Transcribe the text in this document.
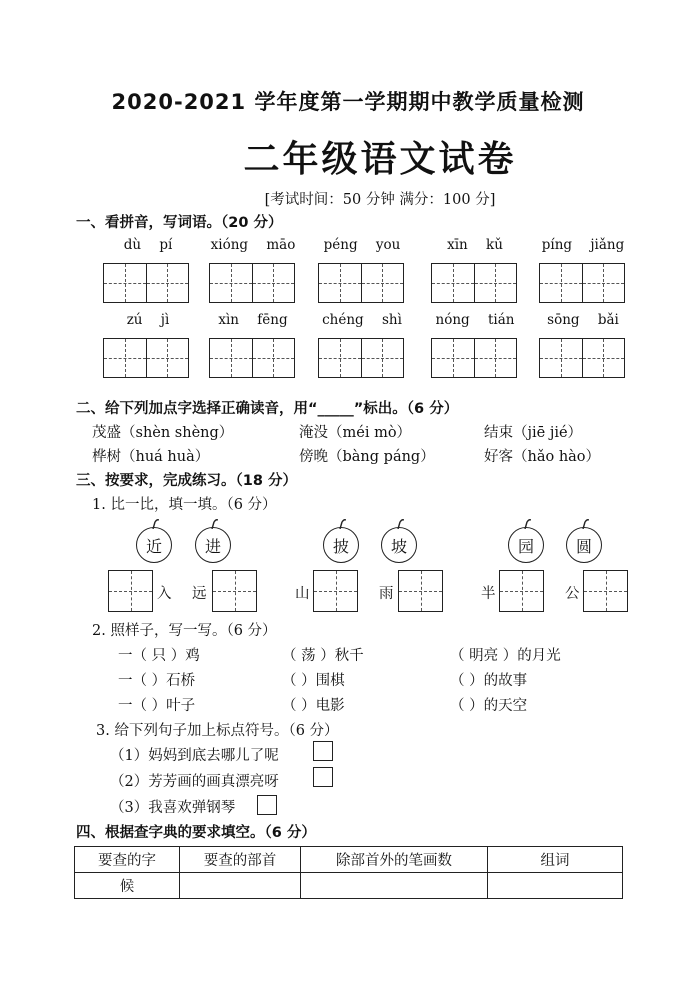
2020-2021 学年度第一学期期中教学质量检测
二年级语文试卷
[考试时间：50 分钟 满分：100 分]
一、看拼音，写词语。（20 分）
dù pí	xióng māo	péng you	xīn kǔ	píng jiǎng
zú jì	xìn fēng	chéng shì	nóng tián	sōng bǎi
二、给下列加点字选择正确读音，用“_____”标出。（6 分）
茂盛（shèn shèng）	淹没（méi mò）	结束（jiē jié）
桦树（huá huà）	傍晚（bàng páng）	好客（hǎo hào）
三、按要求，完成练习。（18 分）
1. 比一比，填一填。（6 分）
近	进	披	坡	园	圆
入 远	山	雨	半	公
2. 照样子，写一写。（6 分）
一（ 只 ）鸡	（ 荡 ）秋千	（ 明亮 ）的月光
一（ ）石桥	（ ）围棋	（ ）的故事
一（ ）叶子	（ ）电影	（ ）的天空
3. 给下列句子加上标点符号。（6 分）
（1）妈妈到底去哪儿了呢
（2）芳芳画的画真漂亮呀
（3）我喜欢弹钢琴
四、根据查字典的要求填空。（6 分）
要查的字	要查的部首	除部首外的笔画数	组词
候			
